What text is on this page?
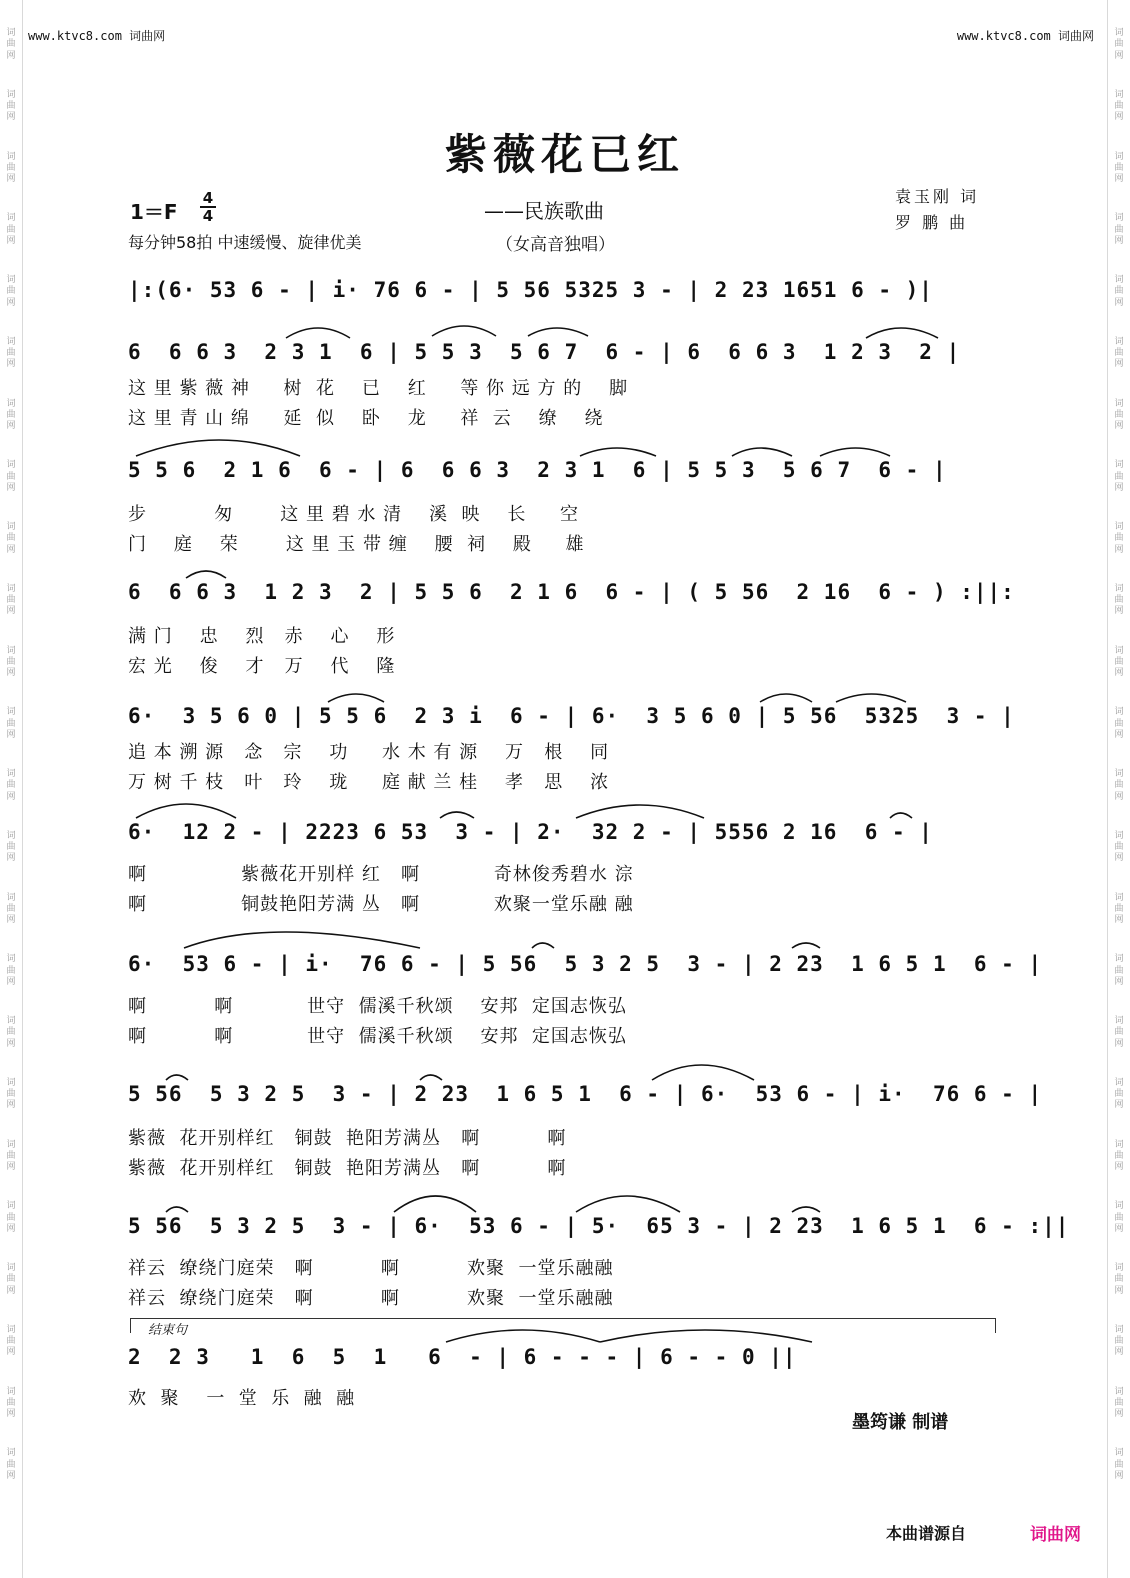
词曲网
词曲网
词曲网
词曲网
词曲网
词曲网
词曲网
词曲网
词曲网
词曲网
词曲网
词曲网
词曲网
词曲网
词曲网
词曲网
词曲网
词曲网
词曲网
词曲网
词曲网
词曲网
词曲网
词曲网
词曲网
词曲网
词曲网
词曲网
词曲网
词曲网
词曲网
词曲网
词曲网
词曲网
词曲网
词曲网
词曲网
词曲网
词曲网
词曲网
词曲网
词曲网
词曲网
词曲网
词曲网
词曲网
词曲网
词曲网
www.ktvc8.com 词曲网	www.ktvc8.com 词曲网
紫薇花已红
1＝F
4
4
每分钟58拍 中速缓慢、旋律优美
——民族歌曲
（女高音独唱）
袁玉刚 词
罗 鹏 曲
|:(6· 53 6 - | i· 76 6 - | 5 56 5325 3 - | 2 23 1651 6 - )|
6  6 6 3  2 3 1  6 | 5 5 3  5 6 7  6 - | 6  6 6 3  1 2 3  2 |
这 里 紫 薇 神     树  花    已    红     等 你 远 方 的    脚
这 里 青 山 绵     延  似    卧    龙     祥  云    缭    绕
5 5 6  2 1 6  6 - | 6  6 6 3  2 3 1  6 | 5 5 3  5 6 7  6 - |
步          匆       这 里 碧 水 清    溪  映    长     空
门    庭    荣       这 里 玉 带 缠    腰  祠    殿     雄
6  6 6 3  1 2 3  2 | 5 5 6  2 1 6  6 - | ( 5 56  2 16  6 - ) :||:
满 门    忠    烈   赤    心    形
宏 光    俊    才   万    代    隆
6·  3 5 6 0 | 5 5 6  2 3 i  6 - | 6·  3 5 6 0 | 5 56  5325  3 - |
追 本 溯 源   念   宗    功     水 木 有 源    万   根    同
万 树 千 枝   叶   玲    珑     庭 献 兰 桂    孝   思    浓
6·  12 2 - | 2223 6 53  3 - | 2·  32 2 - | 5556 2 16  6 - |
啊              紫薇花开别样 红   啊           奇林俊秀碧水 淙
啊              铜鼓艳阳芳满 丛   啊           欢聚一堂乐融 融
6·  53 6 - | i·  76 6 - | 5 56  5 3 2 5  3 - | 2 23  1 6 5 1  6 - |
啊          啊           世守  儒溪千秋颂    安邦  定国志恢弘
啊          啊           世守  儒溪千秋颂    安邦  定国志恢弘
5 56  5 3 2 5  3 - | 2 23  1 6 5 1  6 - | 6·  53 6 - | i·  76 6 - |
紫薇  花开别样红   铜鼓  艳阳芳满丛   啊          啊
紫薇  花开别样红   铜鼓  艳阳芳满丛   啊          啊
5 56  5 3 2 5  3 - | 6·  53 6 - | 5·  65 3 - | 2 23  1 6 5 1  6 - :||
祥云  缭绕门庭荣   啊          啊          欢聚  一堂乐融融
祥云  缭绕门庭荣   啊          啊          欢聚  一堂乐融融
结束句
2  2 3   1  6  5  1   6  - | 6 - - - | 6 - - 0 ||
欢  聚    一  堂  乐  融  融
墨筠谦 制谱
本曲谱源自	词曲网
